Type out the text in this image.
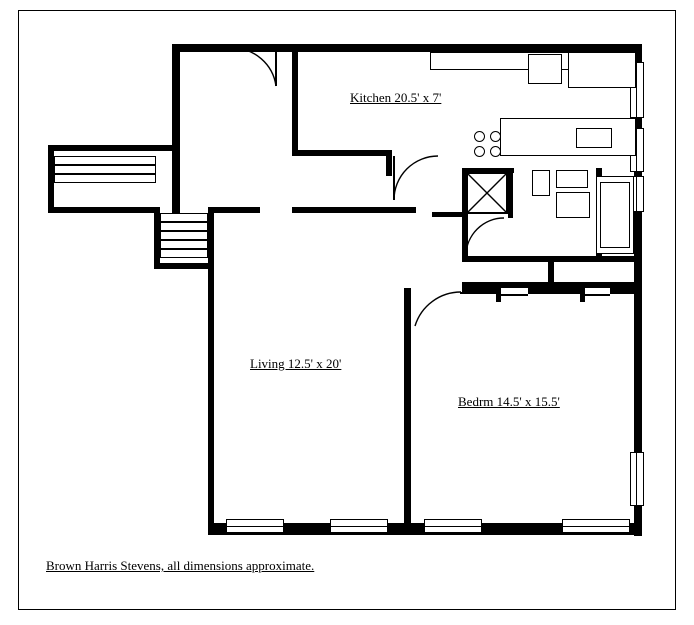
Kitchen 20.5' x 7'
Living 12.5' x 20'
Bedrm 14.5' x 15.5'
Brown Harris Stevens, all dimensions approximate.
